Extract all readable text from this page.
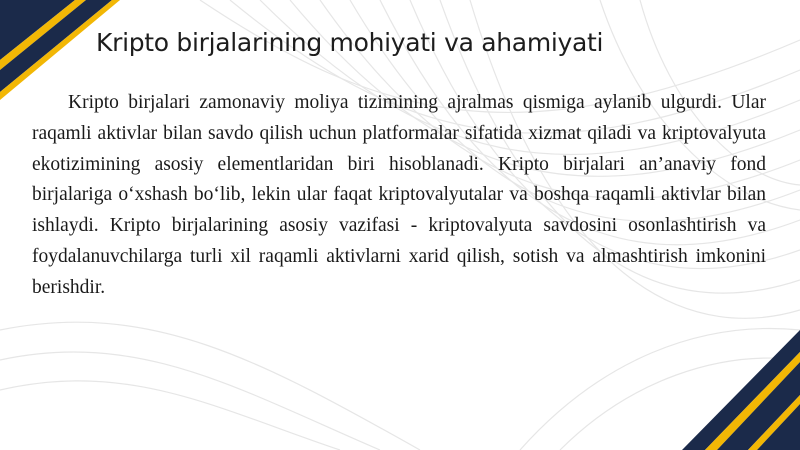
Kripto birjalarining mohiyati va ahamiyati

Kripto birjalari zamonaviy moliya tizimining ajralmas qismiga aylanib ulgurdi. Ular raqamli aktivlar bilan savdo qilish uchun platformalar sifatida xizmat qiladi va kriptovalyuta ekotizimining asosiy elementlaridan biri hisoblanadi. Kripto birjalari an’anaviy fond birjalariga o‘xshash bo‘lib, lekin ular faqat kriptovalyutalar va boshqa raqamli aktivlar bilan ishlaydi. Kripto birjalarining asosiy vazifasi - kriptovalyuta savdosini osonlashtirish va foydalanuvchilarga turli xil raqamli aktivlarni xarid qilish, sotish va almashtirish imkonini berishdir.
